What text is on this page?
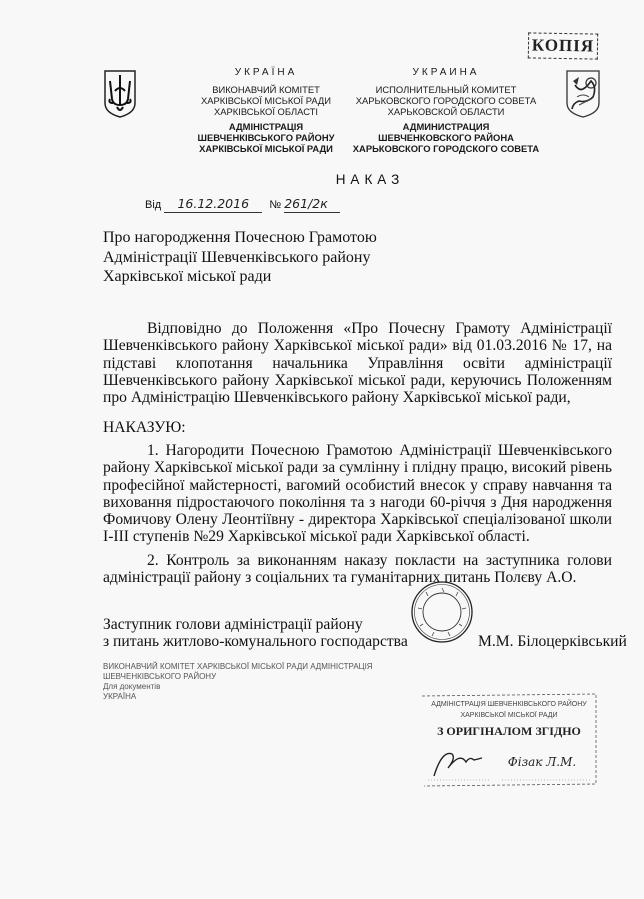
УКРАЇНА
ВИКОНАВЧИЙ КОМІТЕТ
ХАРКІВСЬКОЇ МІСЬКОЇ РАДИ
ХАРКІВСЬКОЇ ОБЛАСТІ
АДМІНІСТРАЦІЯ
ШЕВЧЕНКІВСЬКОГО РАЙОНУ
ХАРКІВСЬКОЇ МІСЬКОЇ РАДИ
УКРАИНА
ИСПОЛНИТЕЛЬНЫЙ КОМИТЕТ
ХАРЬКОВСКОГО ГОРОДСКОГО СОВЕТА
ХАРЬКОВСКОЙ ОБЛАСТИ
АДМИНИСТРАЦИЯ
ШЕВЧЕНКОВСКОГО РАЙОНА
ХАРЬКОВСКОГО ГОРОДСКОГО СОВЕТА
КОПІЯ
НАКАЗ
Від 16.12.2016 № 261/2к
Про нагородження Почесною Грамотою
Адміністрації Шевченківського району
Харківської міської ради
Відповідно до Положення «Про Почесну Грамоту Адміністрації Шевченківського району Харківської міської ради» від 01.03.2016 № 17, на підставі клопотання начальника Управління освіти адміністрації Шевченківського району Харківської міської ради, керуючись Положенням про Адміністрацію Шевченківського району Харківської міської ради,
НАКАЗУЮ:
1. Нагородити Почесною Грамотою Адміністрації Шевченківського району Харківської міської ради за сумлінну і плідну працю, високий рівень професійної майстерності, вагомий особистий внесок у справу навчання та виховання підростаючого покоління та з нагоди 60-річчя з Дня народження Фомичову Олену Леонтіївну - директора Харківської спеціалізованої школи І-ІІІ ступенів №29 Харківської міської ради Харківської області.
2. Контроль за виконанням наказу покласти на заступника голови адміністрації району з соціальних та гуманітарних питань Полєву А.О.
Заступник голови адміністрації району
з питань житлово-комунального господарства	М.М. Білоцерківський
ВИКОНАВЧИЙ КОМІТЕТ ХАРКІВСЬКОЇ МІСЬКОЇ РАДИ АДМІНІСТРАЦІЯ ШЕВЧЕНКІВСЬКОГО РАЙОНУ
Для документів
УКРАЇНА
АДМІНІСТРАЦІЯ ШЕВЧЕНКІВСЬКОГО РАЙОНУ
ХАРКІВСЬКОЇ МІСЬКОЇ РАДИ
З ОРИГІНАЛОМ ЗГІДНО
Фізак Л.М.
